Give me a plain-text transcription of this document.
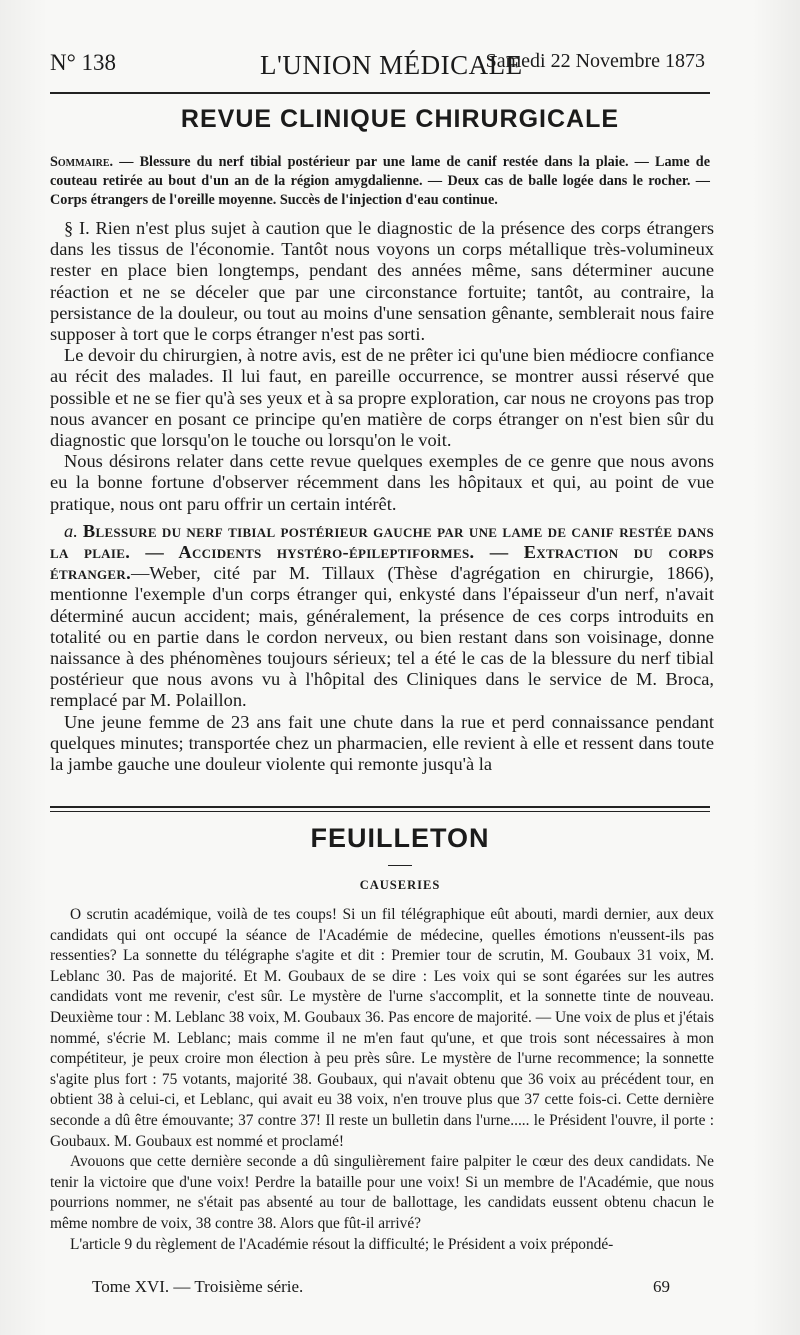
N° 138	L'UNION MÉDICALE
Samedi 22 Novembre 1873
REVUE CLINIQUE CHIRURGICALE
Sommaire. — Blessure du nerf tibial postérieur par une lame de canif restée dans la plaie. — Lame de couteau retirée au bout d'un an de la région amygdalienne. — Deux cas de balle logée dans le rocher. — Corps étrangers de l'oreille moyenne. Succès de l'injection d'eau continue.

§ I. Rien n'est plus sujet à caution que le diagnostic de la présence des corps étrangers dans les tissus de l'économie. Tantôt nous voyons un corps métallique très-volumineux rester en place bien longtemps, pendant des années même, sans déterminer aucune réaction et ne se déceler que par une circonstance fortuite; tantôt, au contraire, la persistance de la douleur, ou tout au moins d'une sensation gênante, semblerait nous faire supposer à tort que le corps étranger n'est pas sorti.

Le devoir du chirurgien, à notre avis, est de ne prêter ici qu'une bien médiocre confiance au récit des malades. Il lui faut, en pareille occurrence, se montrer aussi réservé que possible et ne se fier qu'à ses yeux et à sa propre exploration, car nous ne croyons pas trop nous avancer en posant ce principe qu'en matière de corps étranger on n'est bien sûr du diagnostic que lorsqu'on le touche ou lorsqu'on le voit.

Nous désirons relater dans cette revue quelques exemples de ce genre que nous avons eu la bonne fortune d'observer récemment dans les hôpitaux et qui, au point de vue pratique, nous ont paru offrir un certain intérêt.

a. Blessure du nerf tibial postérieur gauche par une lame de canif restée dans la plaie. — Accidents hystéro-épileptiformes. — Extraction du corps étranger.—Weber, cité par M. Tillaux (Thèse d'agrégation en chirurgie, 1866), mentionne l'exemple d'un corps étranger qui, enkysté dans l'épaisseur d'un nerf, n'avait déterminé aucun accident; mais, généralement, la présence de ces corps introduits en totalité ou en partie dans le cordon nerveux, ou bien restant dans son voisinage, donne naissance à des phénomènes toujours sérieux; tel a été le cas de la blessure du nerf tibial postérieur que nous avons vu à l'hôpital des Cliniques dans le service de M. Broca, remplacé par M. Polaillon.

Une jeune femme de 23 ans fait une chute dans la rue et perd connaissance pendant quelques minutes; transportée chez un pharmacien, elle revient à elle et ressent dans toute la jambe gauche une douleur violente qui remonte jusqu'à la

FEUILLETON
CAUSERIES

O scrutin académique, voilà de tes coups! Si un fil télégraphique eût abouti, mardi dernier, aux deux candidats qui ont occupé la séance de l'Académie de médecine, quelles émotions n'eussent-ils pas ressenties? La sonnette du télégraphe s'agite et dit : Premier tour de scrutin, M. Goubaux 31 voix, M. Leblanc 30. Pas de majorité. Et M. Goubaux de se dire : Les voix qui se sont égarées sur les autres candidats vont me revenir, c'est sûr. Le mystère de l'urne s'accomplit, et la sonnette tinte de nouveau. Deuxième tour : M. Leblanc 38 voix, M. Goubaux 36. Pas encore de majorité. — Une voix de plus et j'étais nommé, s'écrie M. Leblanc; mais comme il ne m'en faut qu'une, et que trois sont nécessaires à mon compétiteur, je peux croire mon élection à peu près sûre. Le mystère de l'urne recommence; la sonnette s'agite plus fort : 75 votants, majorité 38. Goubaux, qui n'avait obtenu que 36 voix au précédent tour, en obtient 38 à celui-ci, et Leblanc, qui avait eu 38 voix, n'en trouve plus que 37 cette fois-ci. Cette dernière seconde a dû être émouvante; 37 contre 37! Il reste un bulletin dans l'urne..... le Président l'ouvre, il porte : Goubaux. M. Goubaux est nommé et proclamé!

Avouons que cette dernière seconde a dû singulièrement faire palpiter le cœur des deux candidats. Ne tenir la victoire que d'une voix! Perdre la bataille pour une voix! Si un membre de l'Académie, que nous pourrions nommer, ne s'était pas absenté au tour de ballottage, les candidats eussent obtenu chacun le même nombre de voix, 38 contre 38. Alors que fût-il arrivé?

L'article 9 du règlement de l'Académie résout la difficulté; le Président a voix prépondé-

Tome XVI. — Troisième série.	69
